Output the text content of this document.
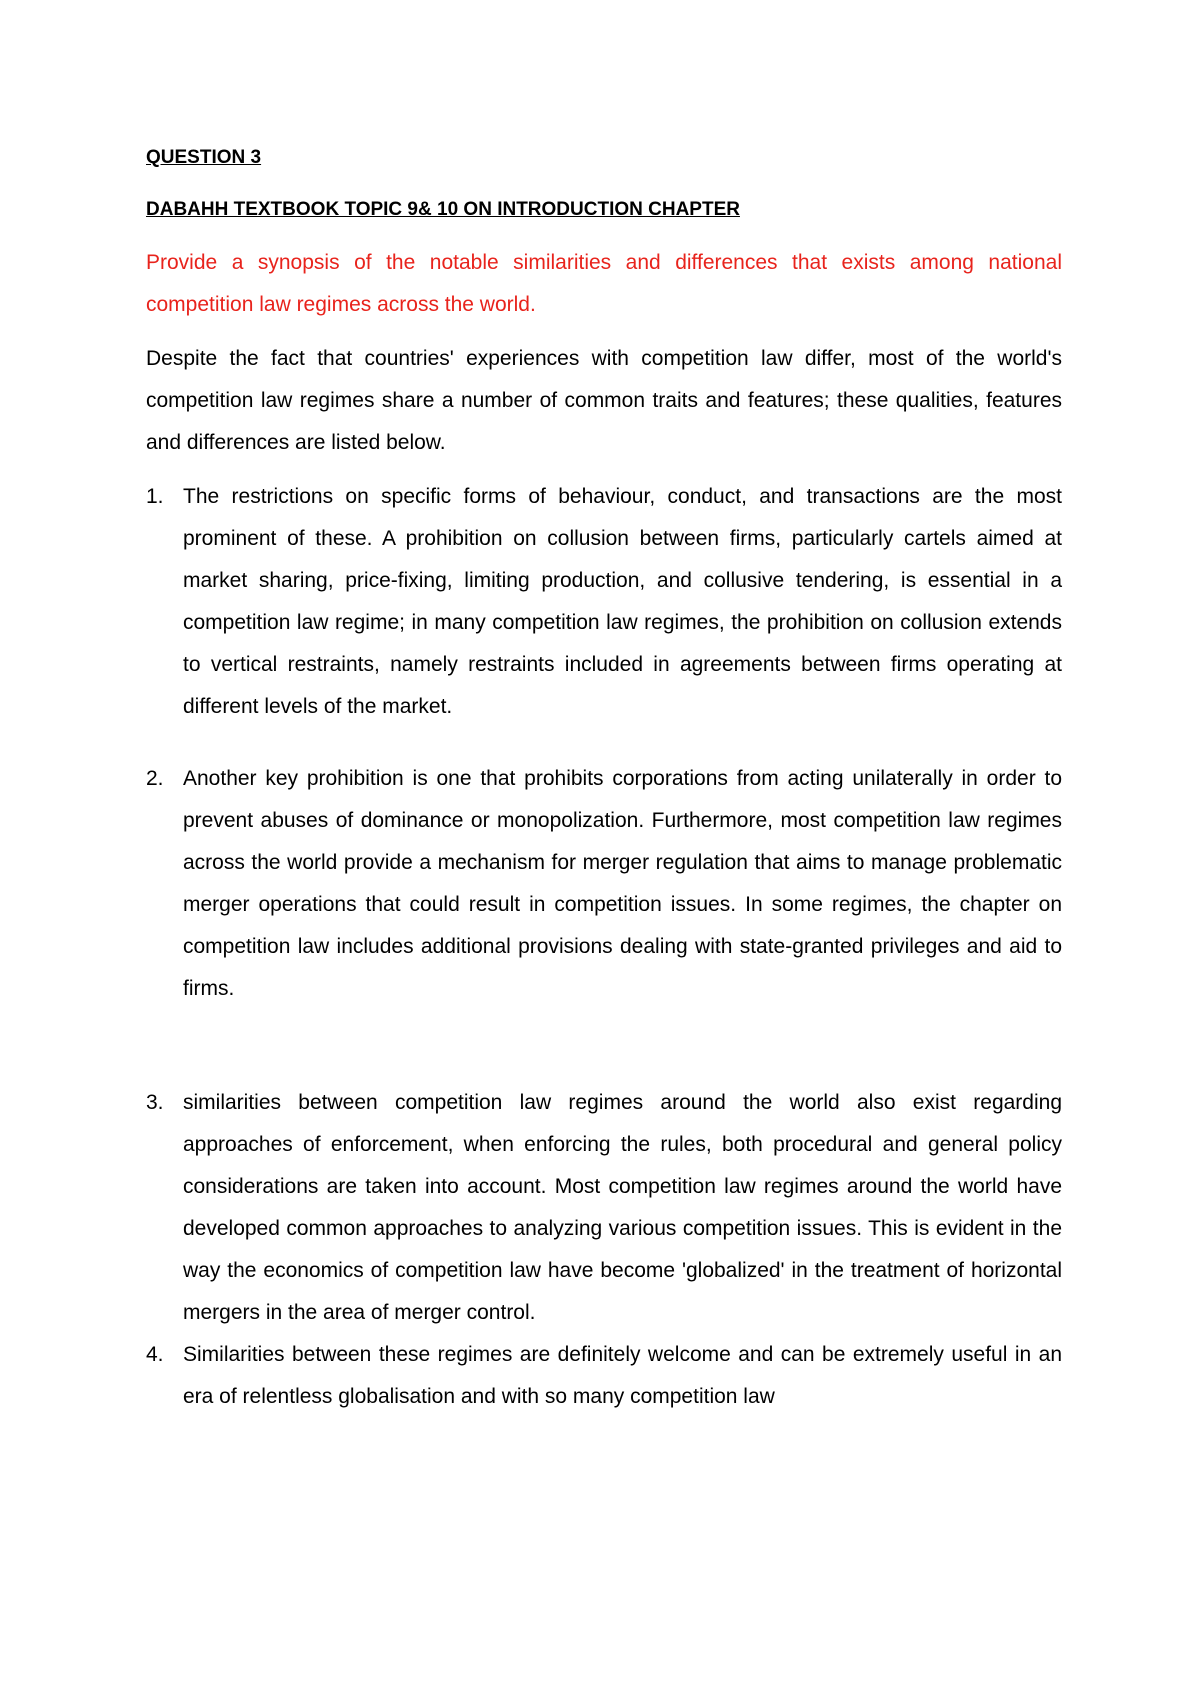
QUESTION 3

DABAHH TEXTBOOK TOPIC 9& 10 ON INTRODUCTION CHAPTER

Provide a synopsis of the notable similarities and differences that exists among national competition law regimes across the world.

Despite the fact that countries' experiences with competition law differ, most of the world's competition law regimes share a number of common traits and features; these qualities, features and differences are listed below.

1. The restrictions on specific forms of behaviour, conduct, and transactions are the most prominent of these. A prohibition on collusion between firms, particularly cartels aimed at market sharing, price-fixing, limiting production, and collusive tendering, is essential in a competition law regime; in many competition law regimes, the prohibition on collusion extends to vertical restraints, namely restraints included in agreements between firms operating at different levels of the market.
2. Another key prohibition is one that prohibits corporations from acting unilaterally in order to prevent abuses of dominance or monopolization. Furthermore, most competition law regimes across the world provide a mechanism for merger regulation that aims to manage problematic merger operations that could result in competition issues. In some regimes, the chapter on competition law includes additional provisions dealing with state-granted privileges and aid to firms.
3. similarities between competition law regimes around the world also exist regarding approaches of enforcement, when enforcing the rules, both procedural and general policy considerations are taken into account. Most competition law regimes around the world have developed common approaches to analyzing various competition issues. This is evident in the way the economics of competition law have become 'globalized' in the treatment of horizontal mergers in the area of merger control.
4. Similarities between these regimes are definitely welcome and can be extremely useful in an era of relentless globalisation and with so many competition law
